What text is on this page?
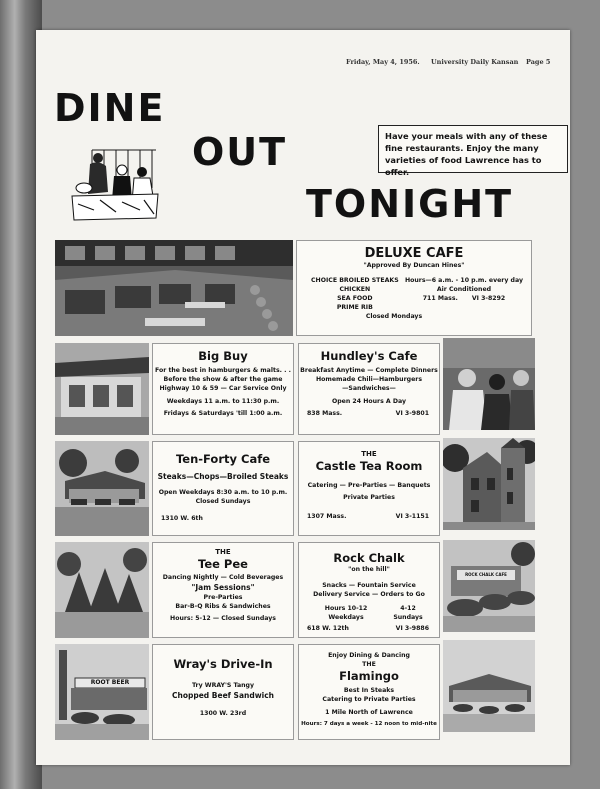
Friday, May 4, 1956. University Daily Kansan Page 5
DINE
OUT
TONIGHT
Have your meals with any of these fine restaurants. Enjoy the many varieties of food Lawrence has to offer.
DELUXE CAFE
"Approved By Duncan Hines"
CHOICE BROILED STEAKS
CHICKEN
SEA FOOD
PRIME RIB
Hours—6 a.m. - 10 p.m. every day
Air Conditioned
711 Mass. VI 3-8292
Closed Mondays
Big Buy
For the best in hamburgers & malts. . .
Before the show & after the game
Highway 10 & 59 — Car Service Only
Weekdays 11 a.m. to 11:30 p.m.
Fridays & Saturdays 'till 1:00 a.m.
Hundley's Cafe
Breakfast Anytime — Complete Dinners
Homemade Chili—Hamburgers
—Sandwiches—
Open 24 Hours A Day
838 Mass.	VI 3-9801
Ten-Forty Cafe
Steaks—Chops—Broiled Steaks
Open Weekdays 8:30 a.m. to 10 p.m.
Closed Sundays
1310 W. 6th
THE
Castle Tea Room
Catering — Pre-Parties — Banquets
Private Parties
1307 Mass.	VI 3-1151
THE
Tee Pee
Dancing Nightly — Cold Beverages
"Jam Sessions"
Pre-Parties
Bar-B-Q Ribs & Sandwiches
Hours: 5-12 — Closed Sundays
Rock Chalk
"on the hill"
Snacks — Fountain Service
Delivery Service — Orders to Go
Hours 10-12 Weekdays
4-12 Sundays
618 W. 12th	VI 3-9886
ROCK CHALK CAFE
ROOT BEER
Wray's Drive-In
Try WRAY'S Tangy
Chopped Beef Sandwich
1300 W. 23rd
Enjoy Dining & Dancing
THE
Flamingo
Best In Steaks
Catering to Private Parties
1 Mile North of Lawrence
Hours: 7 days a week - 12 noon to mid-nite
